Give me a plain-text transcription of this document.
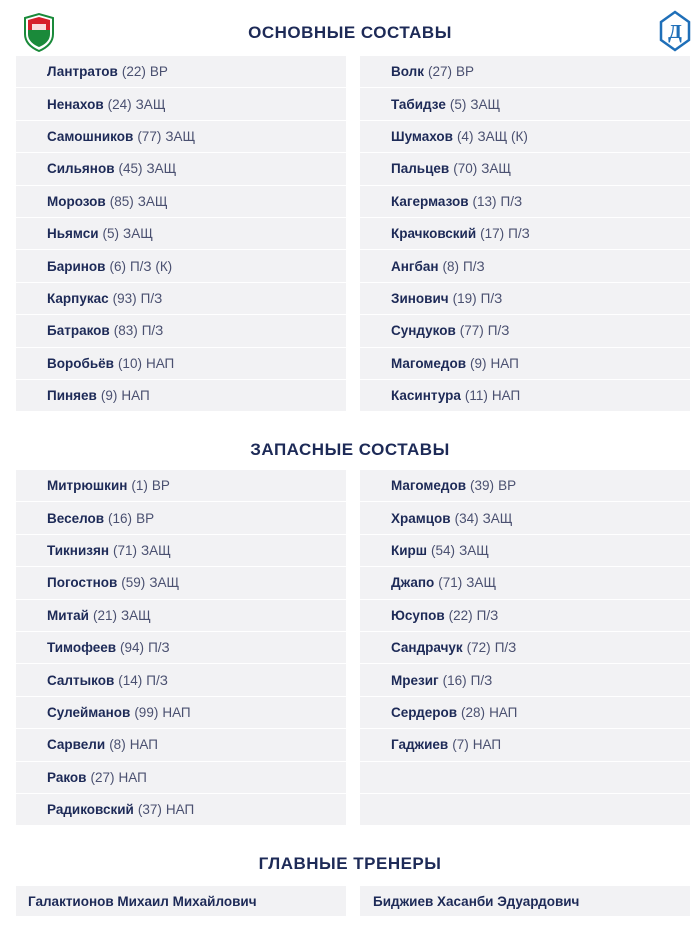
Д
ОСНОВНЫЕ СОСТАВЫ
Лантратов (22) ВР
Ненахов (24) ЗАЩ
Самошников (77) ЗАЩ
Сильянов (45) ЗАЩ
Морозов (85) ЗАЩ
Ньямси (5) ЗАЩ
Баринов (6) П/З (К)
Карпукас (93) П/З
Батраков (83) П/З
Воробьёв (10) НАП
Пиняев (9) НАП
Волк (27) ВР
Табидзе (5) ЗАЩ
Шумахов (4) ЗАЩ (К)
Пальцев (70) ЗАЩ
Кагермазов (13) П/З
Крачковский (17) П/З
Ангбан (8) П/З
Зинович (19) П/З
Сундуков (77) П/З
Магомедов (9) НАП
Касинтура (11) НАП
ЗАПАСНЫЕ СОСТАВЫ
Митрюшкин (1) ВР
Веселов (16) ВР
Тикнизян (71) ЗАЩ
Погостнов (59) ЗАЩ
Митай (21) ЗАЩ
Тимофеев (94) П/З
Салтыков (14) П/З
Сулейманов (99) НАП
Сарвели (8) НАП
Раков (27) НАП
Радиковский (37) НАП
Магомедов (39) ВР
Храмцов (34) ЗАЩ
Кирш (54) ЗАЩ
Джапо (71) ЗАЩ
Юсупов (22) П/З
Сандрачук (72) П/З
Мрезиг (16) П/З
Сердеров (28) НАП
Гаджиев (7) НАП
ГЛАВНЫЕ ТРЕНЕРЫ
Галактионов Михаил Михайлович	Биджиев Хасанби Эдуардович
